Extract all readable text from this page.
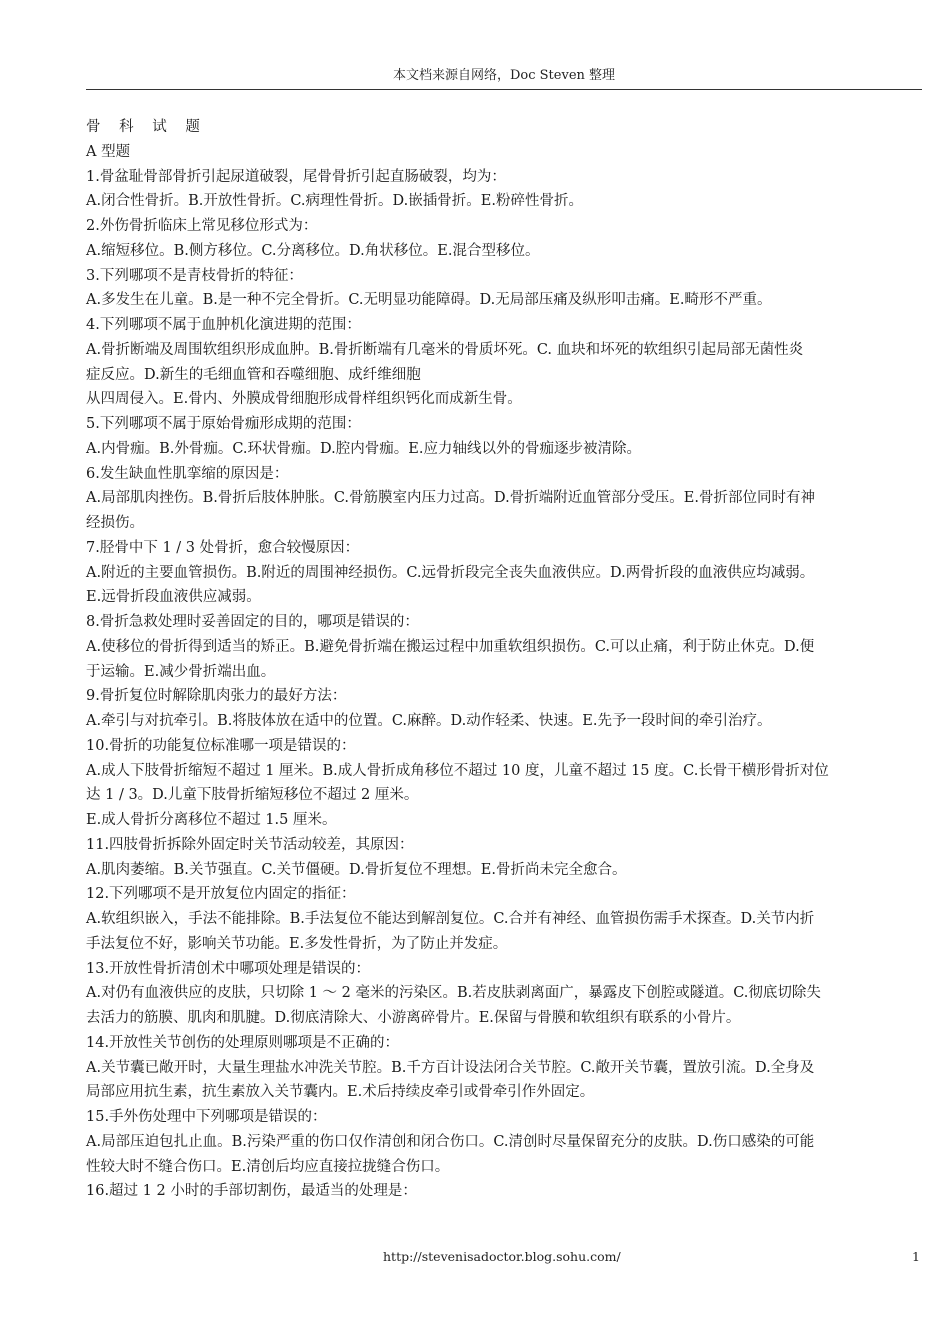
本文档来源自网络，Doc Steven 整理
骨 科 试 题
A 型题
1.骨盆耻骨部骨折引起尿道破裂，尾骨骨折引起直肠破裂，均为：
A.闭合性骨折。B.开放性骨折。C.病理性骨折。D.嵌插骨折。E.粉碎性骨折。
2.外伤骨折临床上常见移位形式为：
A.缩短移位。B.侧方移位。C.分离移位。D.角状移位。E.混合型移位。
3.下列哪项不是青枝骨折的特征：
A.多发生在儿童。B.是一种不完全骨折。C.无明显功能障碍。D.无局部压痛及纵形叩击痛。E.畸形不严重。
4.下列哪项不属于血肿机化演进期的范围：
A.骨折断端及周围软组织形成血肿。B.骨折断端有几毫米的骨质坏死。C. 血块和坏死的软组织引起局部无菌性炎
症反应。D.新生的毛细血管和吞噬细胞、成纤维细胞
从四周侵入。E.骨内、外膜成骨细胞形成骨样组织钙化而成新生骨。
5.下列哪项不属于原始骨痂形成期的范围：
A.内骨痂。B.外骨痂。C.环状骨痂。D.腔内骨痂。E.应力轴线以外的骨痂逐步被清除。
6.发生缺血性肌挛缩的原因是：
A.局部肌肉挫伤。B.骨折后肢体肿胀。C.骨筋膜室内压力过高。D.骨折端附近血管部分受压。E.骨折部位同时有神
经损伤。
7.胫骨中下 1 / 3 处骨折，愈合较慢原因：
A.附近的主要血管损伤。B.附近的周围神经损伤。C.远骨折段完全丧失血液供应。D.两骨折段的血液供应均减弱。
E.远骨折段血液供应减弱。
8.骨折急救处理时妥善固定的目的，哪项是错误的：
A.使移位的骨折得到适当的矫正。B.避免骨折端在搬运过程中加重软组织损伤。C.可以止痛，利于防止休克。D.便
于运输。E.减少骨折端出血。
9.骨折复位时解除肌肉张力的最好方法：
A.牵引与对抗牵引。B.将肢体放在适中的位置。C.麻醉。D.动作轻柔、快速。E.先予一段时间的牵引治疗。
10.骨折的功能复位标准哪一项是错误的：
A.成人下肢骨折缩短不超过 1 厘米。B.成人骨折成角移位不超过 10 度，儿童不超过 15 度。C.长骨干横形骨折对位
达 1 / 3。D.儿童下肢骨折缩短移位不超过 2 厘米。
E.成人骨折分离移位不超过 1.5 厘米。
11.四肢骨折拆除外固定时关节活动较差，其原因：
A.肌肉萎缩。B.关节强直。C.关节僵硬。D.骨折复位不理想。E.骨折尚未完全愈合。
12.下列哪项不是开放复位内固定的指征：
A.软组织嵌入，手法不能排除。B.手法复位不能达到解剖复位。C.合并有神经、血管损伤需手术探查。D.关节内折
手法复位不好，影响关节功能。E.多发性骨折，为了防止并发症。
13.开放性骨折清创术中哪项处理是错误的：
A.对仍有血液供应的皮肤，只切除 1 ～ 2 毫米的污染区。B.若皮肤剥离面广，暴露皮下创腔或隧道。C.彻底切除失
去活力的筋膜、肌肉和肌腱。D.彻底清除大、小游离碎骨片。E.保留与骨膜和软组织有联系的小骨片。
14.开放性关节创伤的处理原则哪项是不正确的：
A.关节囊已敞开时，大量生理盐水冲洗关节腔。B.千方百计设法闭合关节腔。C.敞开关节囊，置放引流。D.全身及
局部应用抗生素，抗生素放入关节囊内。E.术后持续皮牵引或骨牵引作外固定。
15.手外伤处理中下列哪项是错误的：
A.局部压迫包扎止血。B.污染严重的伤口仅作清创和闭合伤口。C.清创时尽量保留充分的皮肤。D.伤口感染的可能
性较大时不缝合伤口。E.清创后均应直接拉拢缝合伤口。
16.超过 1 2 小时的手部切割伤，最适当的处理是：
http://stevenisadoctor.blog.sohu.com/	1
